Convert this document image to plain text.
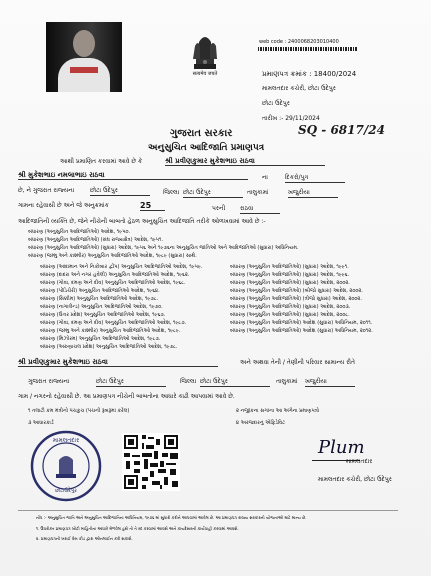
सत्यमेव जयते
web code : 2400068203010400
પ્રમાણપત્ર ક્રમાંક : 18400/2024
મામલતદાર કચેરી, છોટા ઉદેપુર
છોટા ઉદેપુર
તારીખ :- 29/11/2024
SQ - 6817/24
ગુજરાત સરકાર
અનુસુચિત આદિજાતિ પ્રમાણપત્ર
આથી પ્રમાણિત કરવામાં આવે છે કે	શ્રી પ્રવીણકુમાર મુકેશભાઇ રાઠવા
શ્રી મુકેશભાઇ નમલાભાઇ રાઠવા	ના	દિકરો/પુત્ર
છે, ને ગુજરાત રાજ્યના	છોટા ઉદેપુર	જિલ્લા છોટા ઉદેપુર	તાલુકામાં	ખજુરીયા
ગામના રહેવાસી છે અને જે અનુક્રમાંક	25	પરની રાઠવા
આદિજાતિની વ્યક્તિ છે, જેને નીચેની બાબતો હેઠળ અનુસુચિત આદિજાતિ તરીકે ઓળખવામાં આવે છે :-
બંધારણ (અનુસુચિત આદિજાતિઓ) આદેશ, ૧૯૫૦.
બંધારણ (અનુસુચિત આદિજાતિઓ) (સંઘ રાજ્યક્ષેત્ર) આદેશ, ૧૯૫૧.
બંધારણ (અનુસુચિત આદિજાતિઓ) (સુધારા) આદેશ, ૧૯૫૬ અને ૧૯૭૬ના અનુસુચિત જાતિઓ અને આદિજાતિઓ (સુધારા) અધિનિયમ.
બંધારણ (જમ્મુ અને કાશ્મીર) અનુસુચિત આદિજાતિઓ આદેશ, ૧૯૮૯ (સુધારા) સાથે.
બંધારણ (આંદામાન અને નિકોબાર દ્વીપ) અનુસુચિત આદિજાતિઓ આદેશ, ૧૯૫૯.
બંધારણ (દાદરા અને નગર હવેલી) અનુસુચિત આદિજાતિઓ આદેશ, ૧૯૬૨.
બંધારણ (ગોવા, દમણ અને દીવ) અનુસુચિત આદિજાતિઓ આદેશ, ૧૯૬૮.
બંધારણ (પોંડિચેરી) અનુસુચિત આદિજાતિઓ આદેશ, ૧૯૬૪.
બંધારણ (સિક્કીમ) અનુસુચિત આદિજાતિઓ આદેશ, ૧૯૭૮.
બંધારણ (નાગાલેન્ડ) અનુસુચિત આદિજાતિઓ આદેશ, ૧૯૭૦.
બંધારણ (ઉત્તર પ્રદેશ) અનુસુચિત આદિજાતિઓ આદેશ, ૧૯૬૭.
બંધારણ (ગોવા, દમણ અને દીવ) અનુસુચિત આદિજાતિઓ આદેશ, ૧૯૮૭.
બંધારણ (જમ્મુ અને કાશ્મીર) અનુસુચિત આદિજાતિઓ આદેશ, ૧૯૮૯.
બંધારણ (મિઝોરમ) અનુસુચિત આદિજાતિઓ આદેશ, ૧૯૮૭.
બંધારણ (અરુણાચલ પ્રદેશ) અનુસુચિત આદિજાતિઓ આદેશ, ૧૯૭૮.
બંધારણ (અનુસુચિત આદિજાતિઓ) (સુધારા) આદેશ, ૧૯૯૧.
બંધારણ (અનુસુચિત આદિજાતિઓ) (સુધારા) આદેશ, ૧૯૯૬.
બંધારણ (અનુસુચિત આદિજાતિઓ) (સુધારા) આદેશ, ૨૦૦૨.
બંધારણ (અનુસુચિત આદિજાતિઓ) (બીજો સુધારા) આદેશ, ૨૦૦૨.
બંધારણ (અનુસુચિત આદિજાતિઓ) (ત્રીજો સુધારા) આદેશ, ૨૦૦૨.
બંધારણ (અનુસુચિત આદિજાતિઓ) (સુધારા) આદેશ, ૨૦૦૩.
બંધારણ (અનુસુચિત આદિજાતિઓ) (સુધારા) આદેશ, ૨૦૦૮.
બંધારણ (અનુસુચિત આદિજાતિઓ) આદેશ (સુધારા) અધિનિયમ, ૨૦૧૧.
બંધારણ (અનુસુચિત આદિજાતિઓ) આદેશ (સુધારા) અધિનિયમ, ૨૦૧૨.
શ્રી પ્રવીણકુમાર મુકેશભાઇ રાઠવા	અને અથવા તેની / તેણીની પરિવાર સામાન્ય રીતે
ગુજરાત રાજ્યના	છોટા ઉદેપુર	જિલ્લા છોટા ઉદેપુર	તાલુકામાં ખજુરીયા
ગામ / નગરનો રહેવાસી છે. આ પ્રમાણપત્ર નીચેની બાબતોના આધારે કાઢી આપવામાં આવે છે.
૧ તલાટી કમ મંત્રીનો પંચકુચ (પંચની રૂબરૂમાં કરેલ)	૨ નજીકના સગાંના આ અંગેના પ્રમાણપત્રો
૩ આધારકાર્ડ	૪ અરજદારનું એફિડેવિટ
મામલતદાર
છોટાઉદેપુર
Plum
મામલતદાર
મામલતદાર કચેરી, છોટા ઉદેપુર
નોંધ :- અનુસુચિત જાતિ અને અનુસુચિત આદિજાતિના અધિનિયમ, ૧૯૭૬ માં સુધારો કરીને આપવામાં આવેલ છે. આ પ્રમાણપત્ર રાજ્ય સરકારની યોજનાઓ માટે માન્ય છે.
૧. ઉપરોક્ત પ્રમાણપત્ર ખોટી માહિતીના આધારે મેળવેલ હશે તો તે રદ કરવામાં આવશે અને કાયદેસરની કાર્યવાહી કરવામાં આવશે.
૨. પ્રમાણપત્રની ખરાઈ વેબ કોડ દ્વારા ઓનલાઈન કરી શકાશે.
